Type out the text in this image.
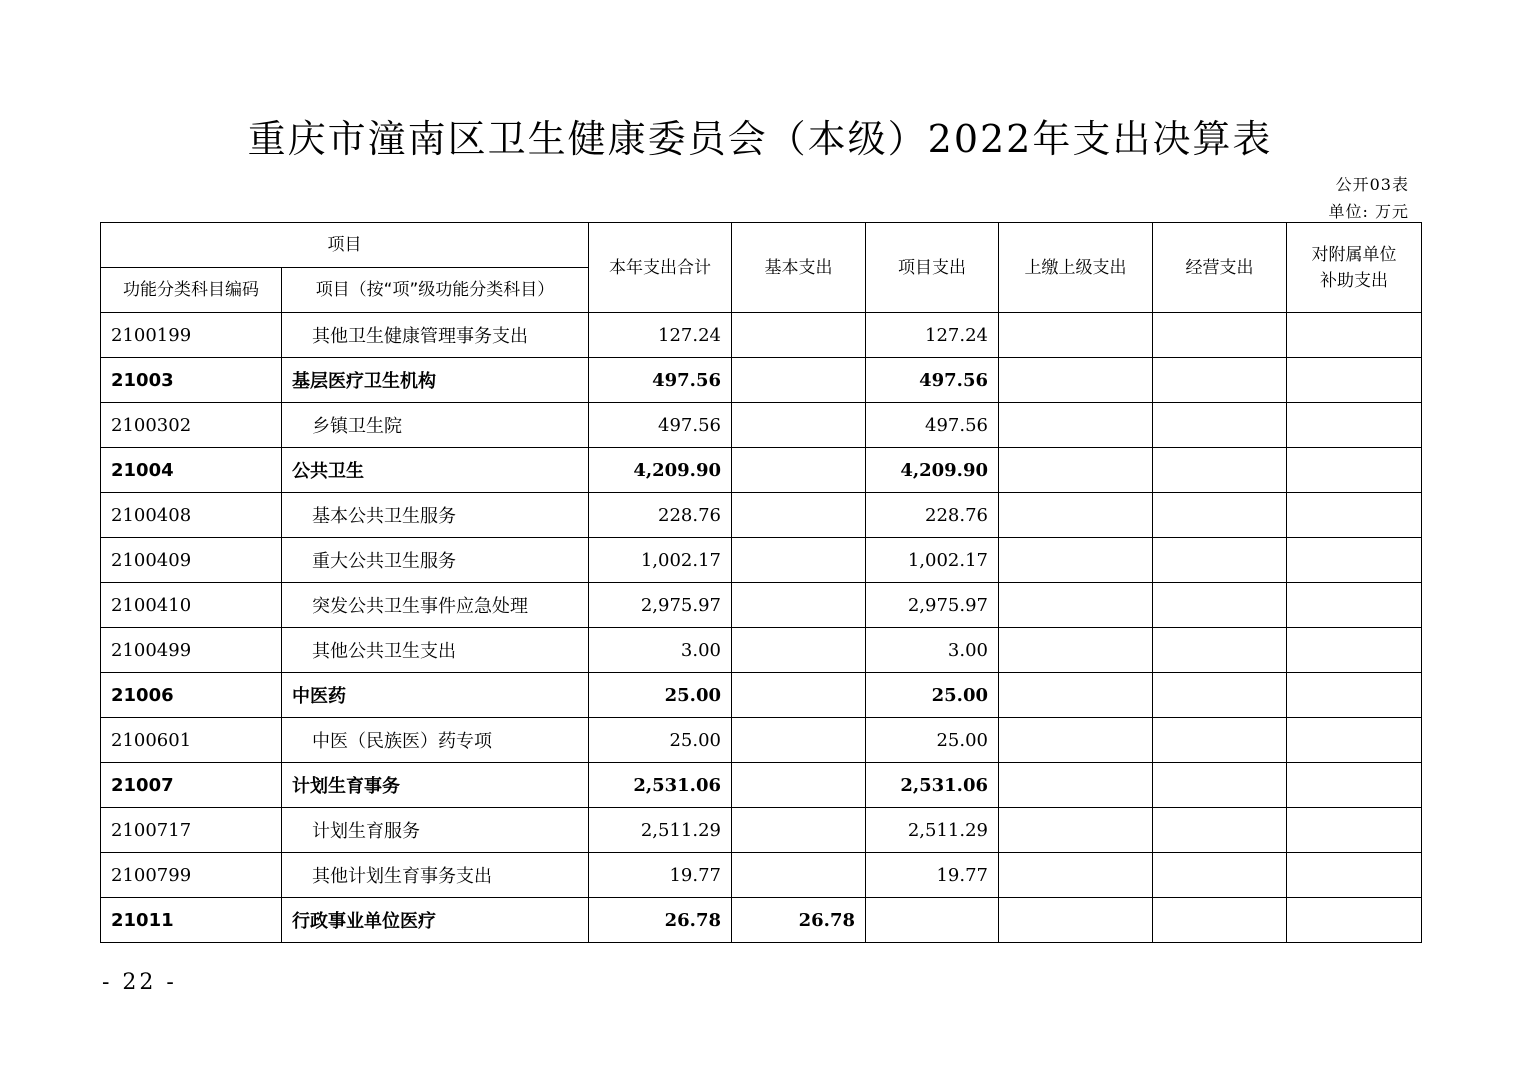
重庆市潼南区卫生健康委员会（本级）2022年支出决算表
公开03表
单位: 万元
项目		本年支出合计	基本支出	项目支出	上缴上级支出	经营支出	对附属单位
补助支出
功能分类科目编码	项目（按“项”级功能分类科目）						
2100199	其他卫生健康管理事务支出	127.24		127.24			
21003	基层医疗卫生机构	497.56		497.56			
2100302	乡镇卫生院	497.56		497.56			
21004	公共卫生	4,209.90		4,209.90			
2100408	基本公共卫生服务	228.76		228.76			
2100409	重大公共卫生服务	1,002.17		1,002.17			
2100410	突发公共卫生事件应急处理	2,975.97		2,975.97			
2100499	其他公共卫生支出	3.00		3.00			
21006	中医药	25.00		25.00			
2100601	中医（民族医）药专项	25.00		25.00			
21007	计划生育事务	2,531.06		2,531.06			
2100717	计划生育服务	2,511.29		2,511.29			
2100799	其他计划生育事务支出	19.77		19.77			
21011	行政事业单位医疗	26.78	26.78				
- 22 -
